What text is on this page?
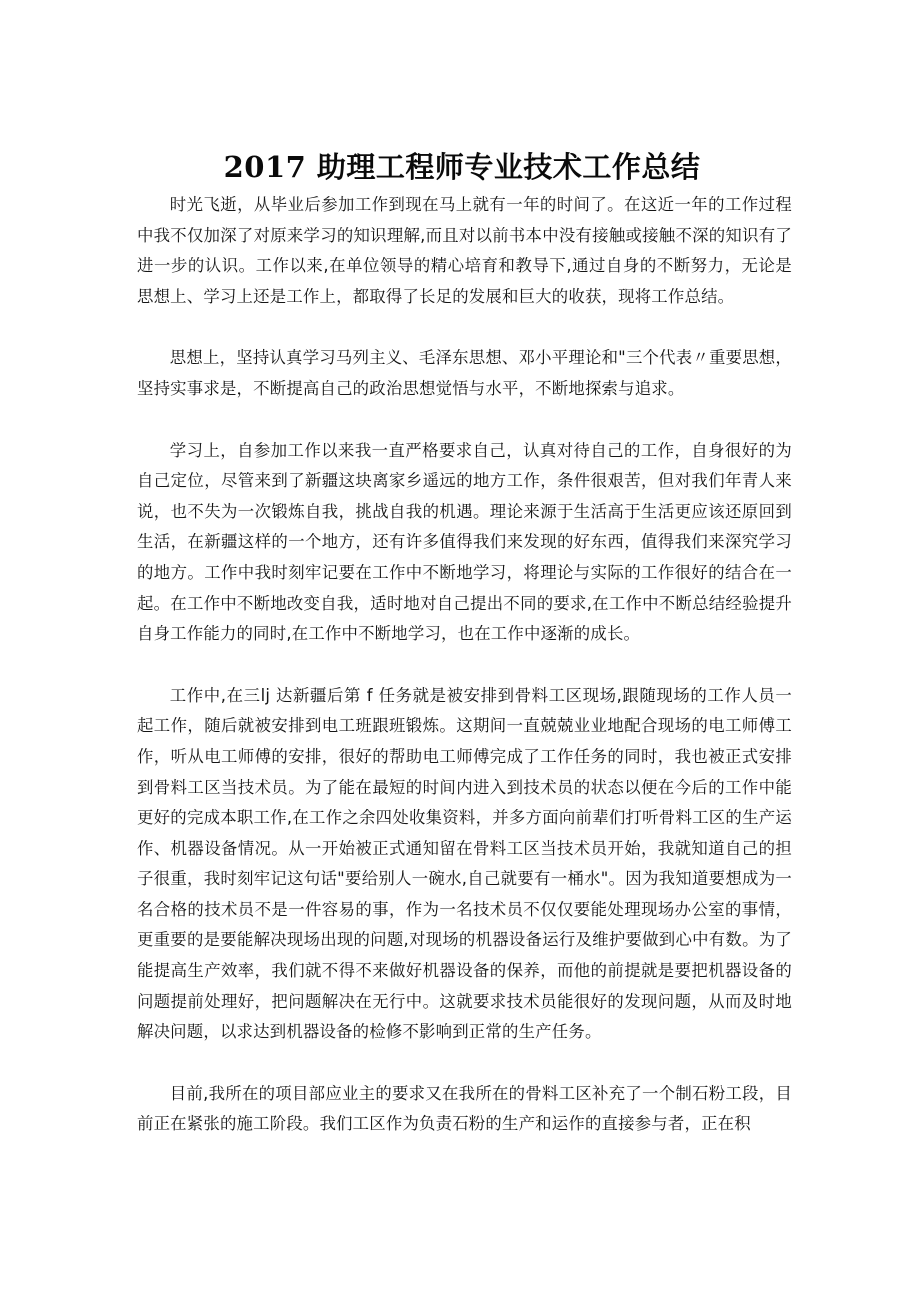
2017 助理工程师专业技术工作总结

时光飞逝，从毕业后参加工作到现在马上就有一年的时间了。在这近一年的工作过程中我不仅加深了对原来学习的知识理解,而且对以前书本中没有接触或接触不深的知识有了进一步的认识。工作以来,在单位领导的精心培育和教导下,通过自身的不断努力，无论是思想上、学习上还是工作上，都取得了长足的发展和巨大的收获，现将工作总结。

思想上，坚持认真学习马列主义、毛泽东思想、邓小平理论和"三个代表〃重要思想，坚持实事求是，不断提高自己的政治思想觉悟与水平，不断地探索与追求。

学习上，自参加工作以来我一直严格要求自己，认真对待自己的工作，自身很好的为自己定位，尽管来到了新疆这块离家乡遥远的地方工作，条件很艰苦，但对我们年青人来说，也不失为一次锻炼自我，挑战自我的机遇。理论来源于生活高于生活更应该还原回到生活，在新疆这样的一个地方，还有许多值得我们来发现的好东西，值得我们来深究学习的地方。工作中我时刻牢记要在工作中不断地学习，将理论与实际的工作很好的结合在一起。在工作中不断地改变自我，适时地对自己提出不同的要求,在工作中不断总结经验提升自身工作能力的同时,在工作中不断地学习，也在工作中逐渐的成长。

工作中,在三lj 达新疆后第 f 任务就是被安排到骨料工区现场,跟随现场的工作人员一起工作，随后就被安排到电工班跟班锻炼。这期间一直兢兢业业地配合现场的电工师傅工作，听从电工师傅的安排，很好的帮助电工师傅完成了工作任务的同时，我也被正式安排到骨料工区当技术员。为了能在最短的时间内进入到技术员的状态以便在今后的工作中能更好的完成本职工作,在工作之余四处收集资料，并多方面向前辈们打听骨料工区的生产运作、机器设备情况。从一开始被正式通知留在骨料工区当技术员开始，我就知道自己的担子很重，我时刻牢记这句话"要给别人一碗水,自己就要有一桶水"。因为我知道要想成为一名合格的技术员不是一件容易的事，作为一名技术员不仅仅要能处理现场办公室的事情，更重要的是要能解决现场出现的问题,对现场的机器设备运行及维护要做到心中有数。为了能提高生产效率，我们就不得不来做好机器设备的保养，而他的前提就是要把机器设备的问题提前处理好，把问题解决在无行中。这就要求技术员能很好的发现问题，从而及时地解决问题，以求达到机器设备的检修不影响到正常的生产任务。

目前,我所在的项目部应业主的要求又在我所在的骨料工区补充了一个制石粉工段，目前正在紧张的施工阶段。我们工区作为负责石粉的生产和运作的直接参与者，正在积
